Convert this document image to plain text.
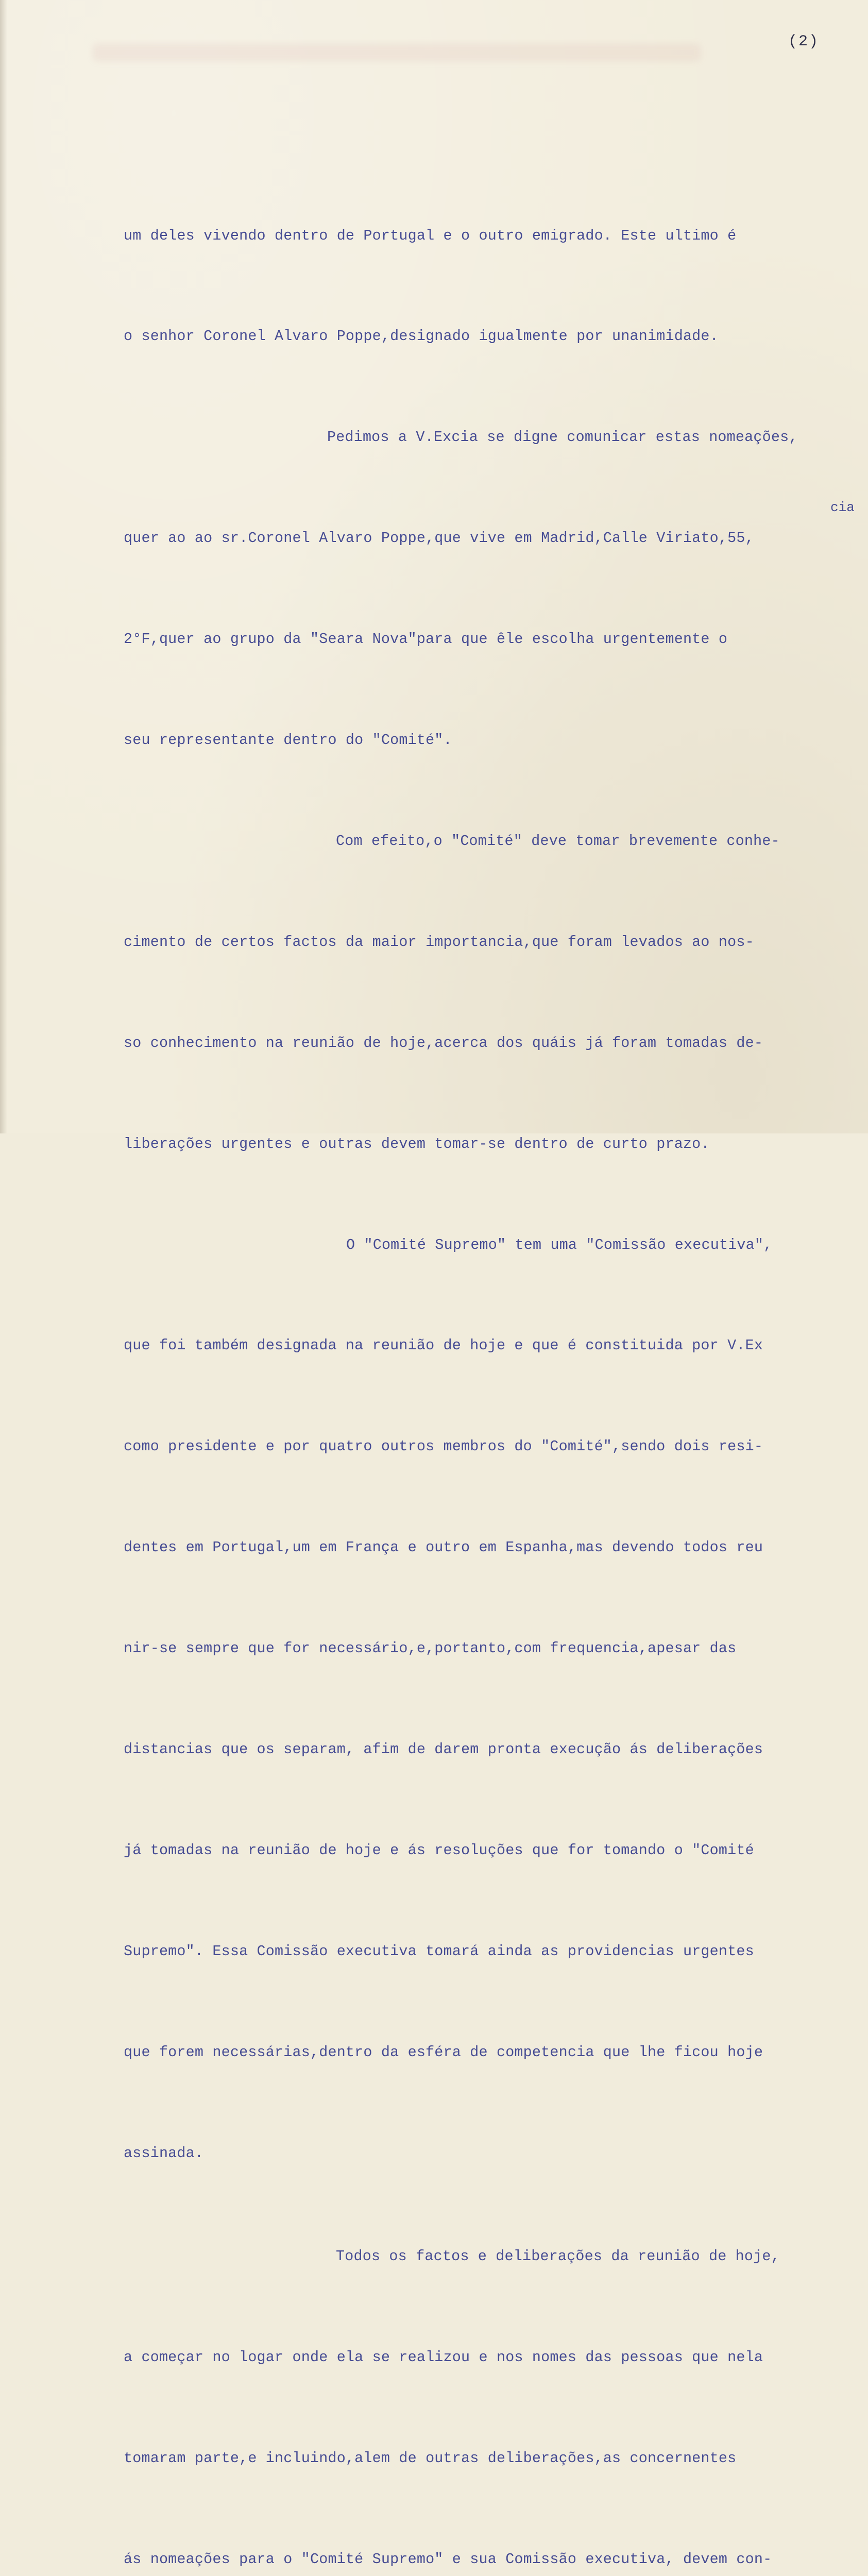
(2)
cia

um deles vivendo dentro de Portugal e o outro emigrado. Este ultimo é

o senhor Coronel Alvaro Poppe,designado igualmente por unanimidade.

Pedimos a V.Excia se digne comunicar estas nomeações,

quer ao ao sr.Coronel Alvaro Poppe,que vive em Madrid,Calle Viriato,55,

2°F,quer ao grupo da "Seara Nova"para que êle escolha urgentemente o

seu representante dentro do "Comité".

Com efeito,o "Comité" deve tomar brevemente conhe-

cimento de certos factos da maior importancia,que foram levados ao nos-

so conhecimento na reunião de hoje,acerca dos quáis já foram tomadas de-

liberações urgentes e outras devem tomar-se dentro de curto prazo.

O "Comité Supremo" tem uma "Comissão executiva",

que foi também designada na reunião de hoje e que é constituida por V.Ex

como presidente e por quatro outros membros do "Comité",sendo dois resi-

dentes em Portugal,um em França e outro em Espanha,mas devendo todos reu

nir-se sempre que for necessário,e,portanto,com frequencia,apesar das

distancias que os separam, afim de darem pronta execução ás deliberações

já tomadas na reunião de hoje e ás resoluções que for tomando o "Comité

Supremo". Essa Comissão executiva tomará ainda as providencias urgentes

que forem necessárias,dentro da esféra de competencia que lhe ficou hoje

assinada.

Todos os factos e deliberações da reunião de hoje,

a começar no logar onde ela se realizou e nos nomes das pessoas que nela

tomaram parte,e incluindo,alem de outras deliberações,as concernentes

ás nomeações para o "Comité Supremo" e sua Comissão executiva, devem con-
